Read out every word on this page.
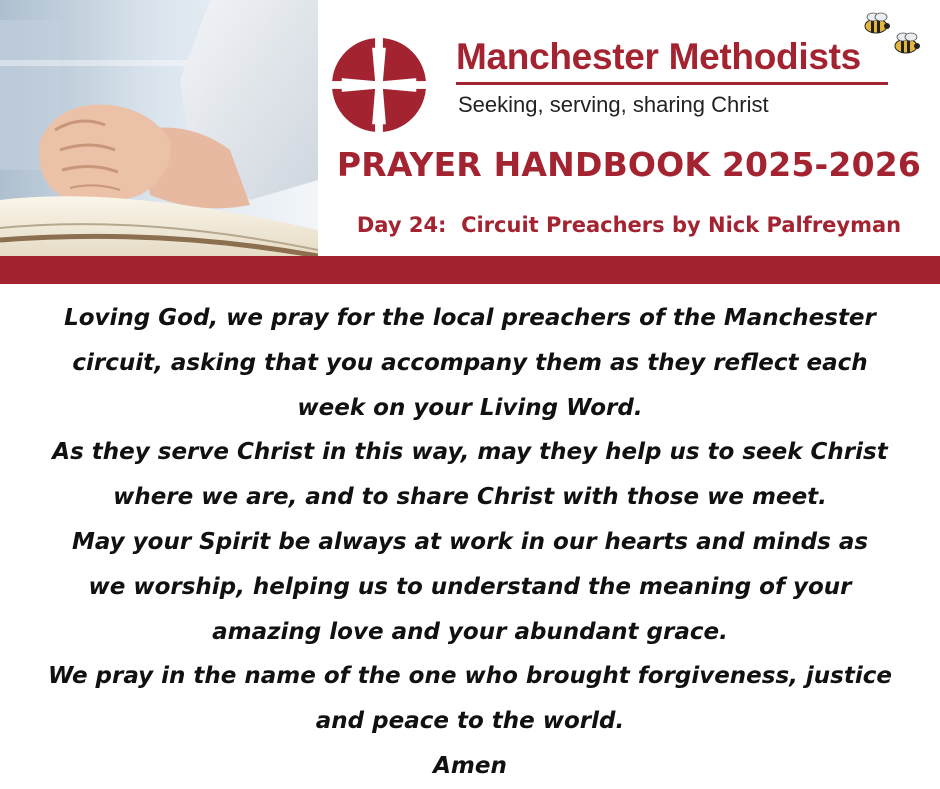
Manchester Methodists
Seeking, serving, sharing Christ
PRAYER HANDBOOK 2025-2026
Day 24:  Circuit Preachers by Nick Palfreyman
Loving God, we pray for the local preachers of the Manchester
circuit, asking that you accompany them as they reflect each
week on your Living Word.
As they serve Christ in this way, may they help us to seek Christ
where we are, and to share Christ with those we meet.
May your Spirit be always at work in our hearts and minds as
we worship, helping us to understand the meaning of your
amazing love and your abundant grace.
We pray in the name of the one who brought forgiveness, justice
and peace to the world.
Amen
